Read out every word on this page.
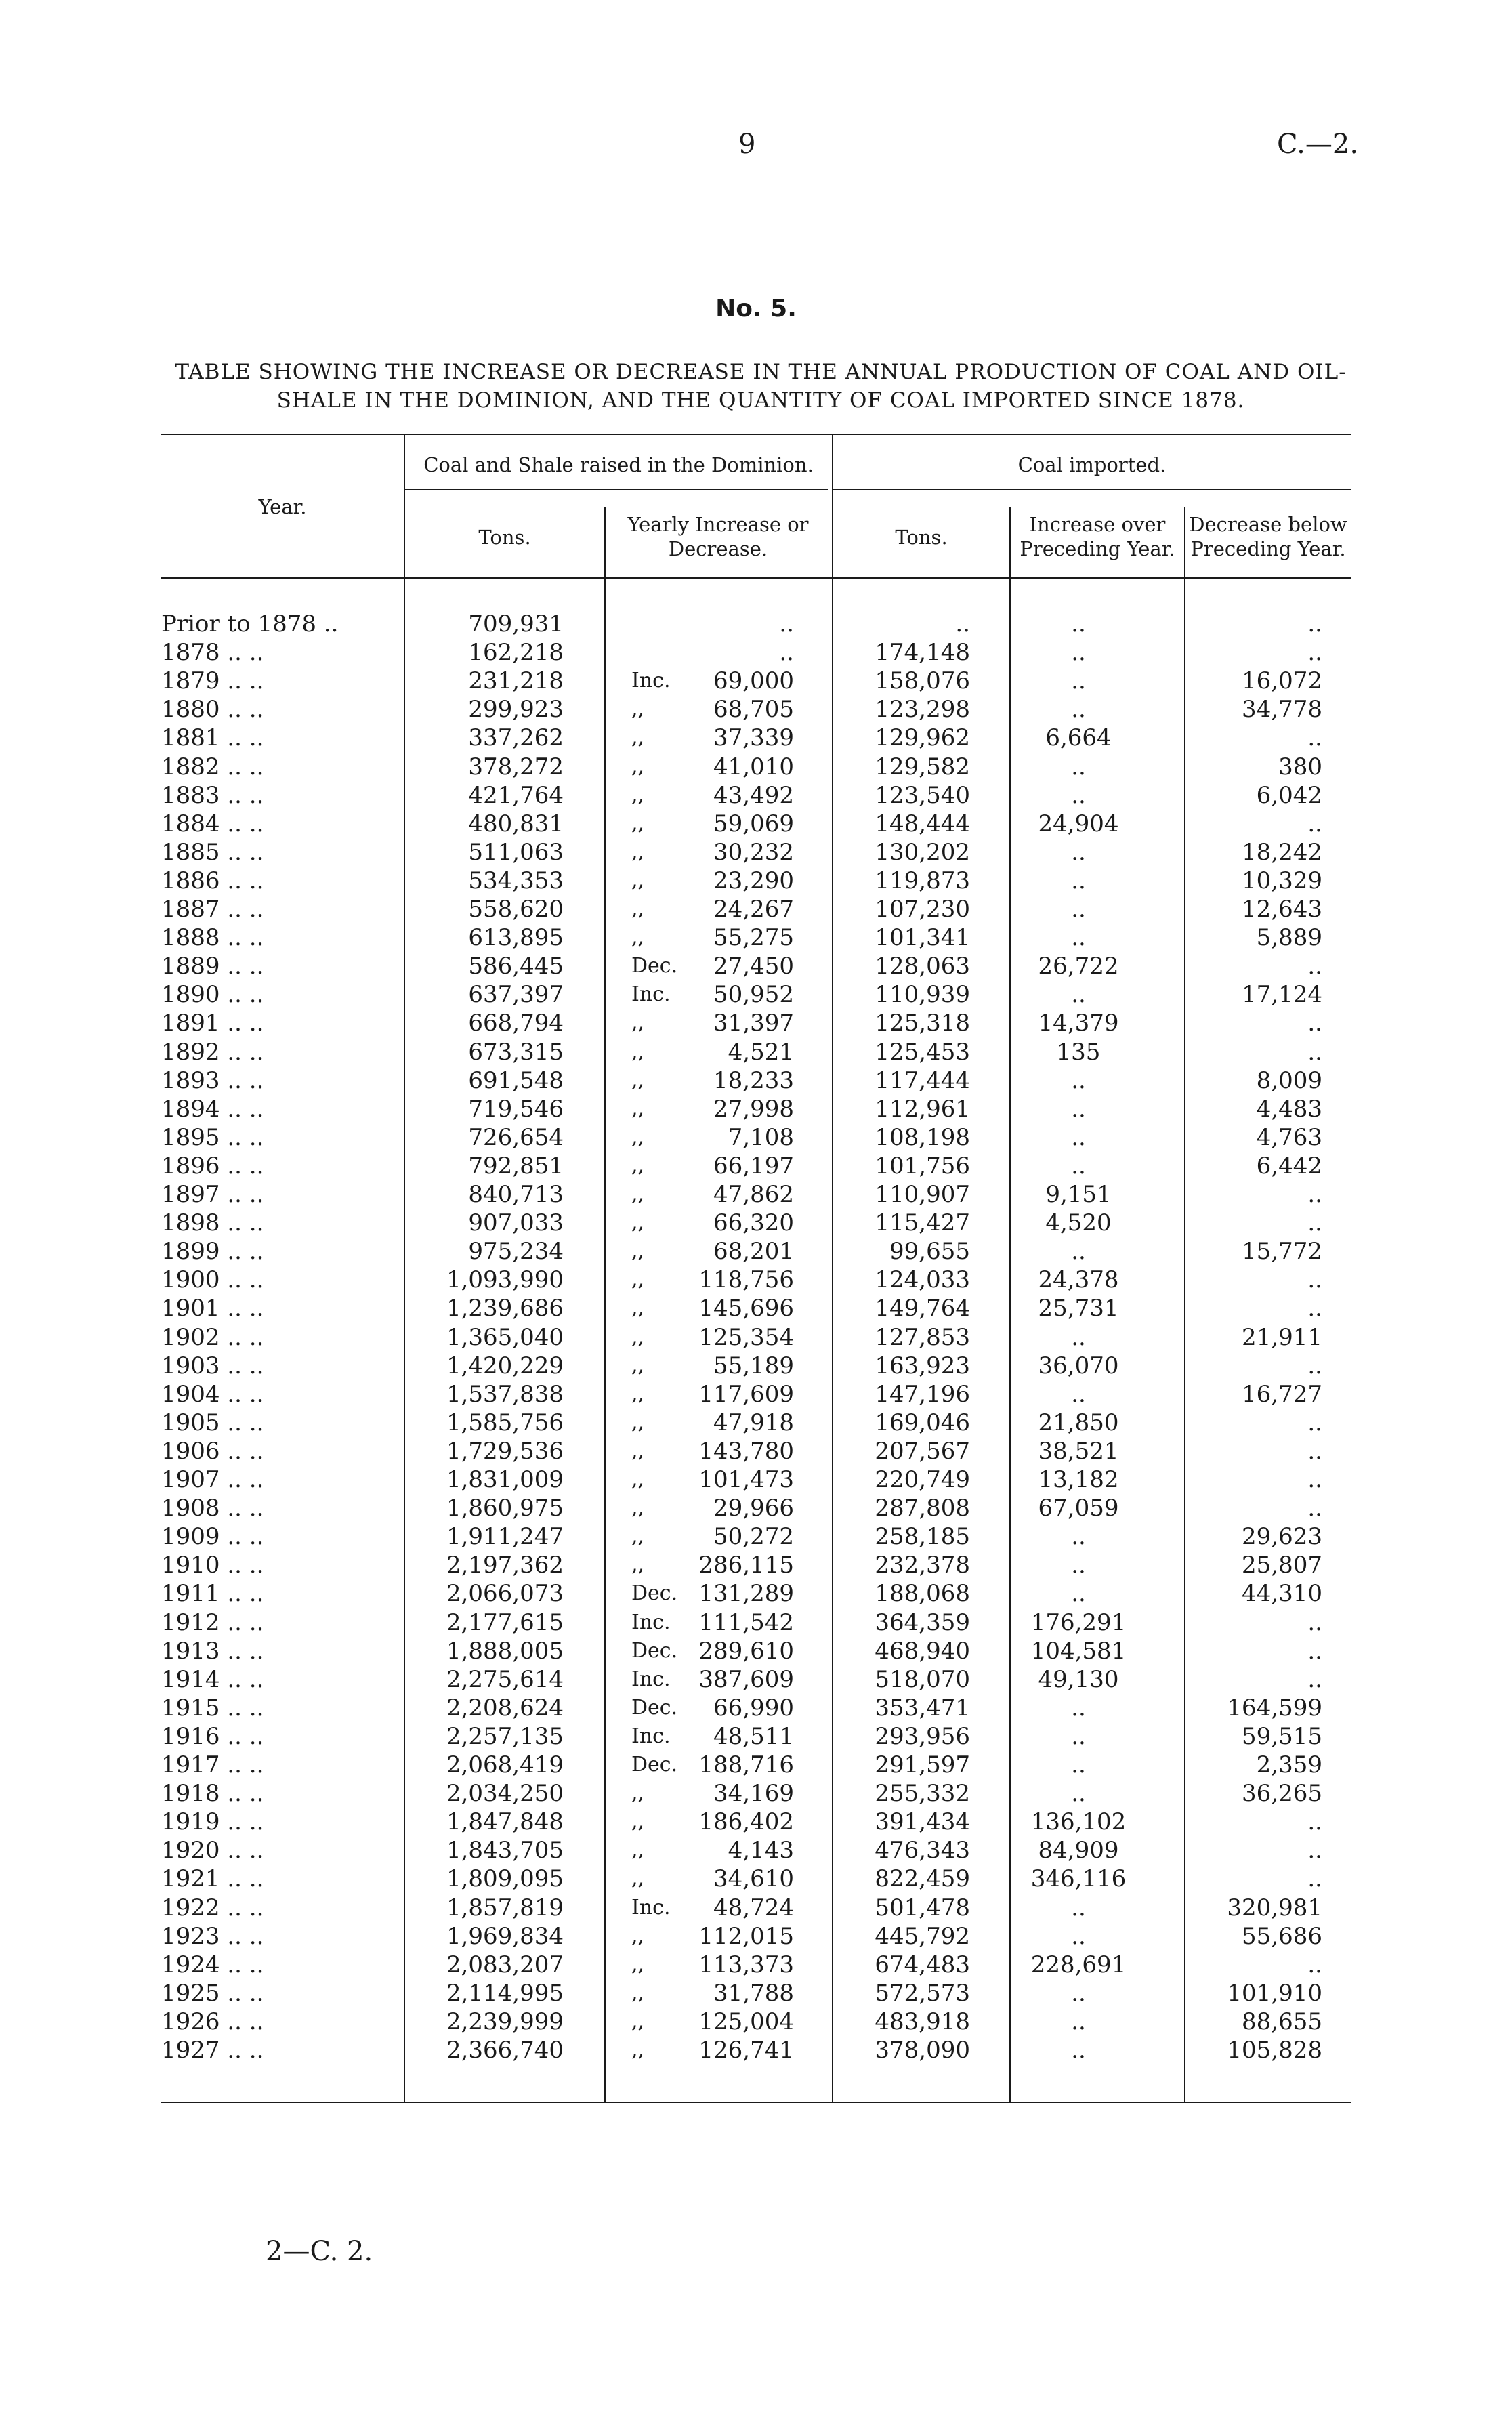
9	C.—2.
No. 5.
TABLE SHOWING THE INCREASE OR DECREASE IN THE ANNUAL PRODUCTION OF COAL AND OIL-
SHALE IN THE DOMINION, AND THE QUANTITY OF COAL IMPORTED SINCE 1878.
Year.
Coal and Shale raised in the Dominion.	Coal imported.
Tons.
Yearly Increase or Decrease.	Tons.
Increase over Preceding Year.
Decrease below Preceding Year.
Prior to 1878 ..	709,931	..	..	..	..
1878 .. ..	162,218	..	174,148	..	..
1879 .. ..	231,218	Inc.	69,000	158,076	..	16,072
1880 .. ..	299,923	,,	68,705	123,298	..	34,778
1881 .. ..	337,262	,,	37,339	129,962	6,664	..
1882 .. ..	378,272	,,	41,010	129,582	..	380
1883 .. ..	421,764	,,	43,492	123,540	..	6,042
1884 .. ..	480,831	,,	59,069	148,444	24,904	..
1885 .. ..	511,063	,,	30,232	130,202	..	18,242
1886 .. ..	534,353	,,	23,290	119,873	..	10,329
1887 .. ..	558,620	,,	24,267	107,230	..	12,643
1888 .. ..	613,895	,,	55,275	101,341	..	5,889
1889 .. ..	586,445	Dec.	27,450	128,063	26,722	..
1890 .. ..	637,397	Inc.	50,952	110,939	..	17,124
1891 .. ..	668,794	,,	31,397	125,318	14,379	..
1892 .. ..	673,315	,,	4,521	125,453	135	..
1893 .. ..	691,548	,,	18,233	117,444	..	8,009
1894 .. ..	719,546	,,	27,998	112,961	..	4,483
1895 .. ..	726,654	,,	7,108	108,198	..	4,763
1896 .. ..	792,851	,,	66,197	101,756	..	6,442
1897 .. ..	840,713	,,	47,862	110,907	9,151	..
1898 .. ..	907,033	,,	66,320	115,427	4,520	..
1899 .. ..	975,234	,,	68,201	99,655	..	15,772
1900 .. ..	1,093,990	,,	118,756	124,033	24,378	..
1901 .. ..	1,239,686	,,	145,696	149,764	25,731	..
1902 .. ..	1,365,040	,,	125,354	127,853	..	21,911
1903 .. ..	1,420,229	,,	55,189	163,923	36,070	..
1904 .. ..	1,537,838	,,	117,609	147,196	..	16,727
1905 .. ..	1,585,756	,,	47,918	169,046	21,850	..
1906 .. ..	1,729,536	,,	143,780	207,567	38,521	..
1907 .. ..	1,831,009	,,	101,473	220,749	13,182	..
1908 .. ..	1,860,975	,,	29,966	287,808	67,059	..
1909 .. ..	1,911,247	,,	50,272	258,185	..	29,623
1910 .. ..	2,197,362	,,	286,115	232,378	..	25,807
1911 .. ..	2,066,073	Dec. 131,289	188,068	..	44,310
1912 .. ..	2,177,615	Inc.	111,542	364,359	176,291	..
1913 .. ..	1,888,005	Dec. 289,610	468,940	104,581	..
1914 .. ..	2,275,614	Inc.	387,609	518,070	49,130	..
1915 .. ..	2,208,624	Dec.	66,990	353,471	..	164,599
1916 .. ..	2,257,135	Inc.	48,511	293,956	..	59,515
1917 .. ..	2,068,419	Dec. 188,716	291,597	..	2,359
1918 .. ..	2,034,250	,,	34,169	255,332	..	36,265
1919 .. ..	1,847,848	,,	186,402	391,434	136,102	..
1920 .. ..	1,843,705	,,	4,143	476,343	84,909	..
1921 .. ..	1,809,095	,,	34,610	822,459	346,116	..
1922 .. ..	1,857,819	Inc.	48,724	501,478	..	320,981
1923 .. ..	1,969,834	,,	112,015	445,792	..	55,686
1924 .. ..	2,083,207	,,	113,373	674,483	228,691	..
1925 .. ..	2,114,995	,,	31,788	572,573	..	101,910
1926 .. ..	2,239,999	,,	125,004	483,918	..	88,655
1927 .. ..	2,366,740	,,	126,741	378,090	..	105,828
2—C. 2.
